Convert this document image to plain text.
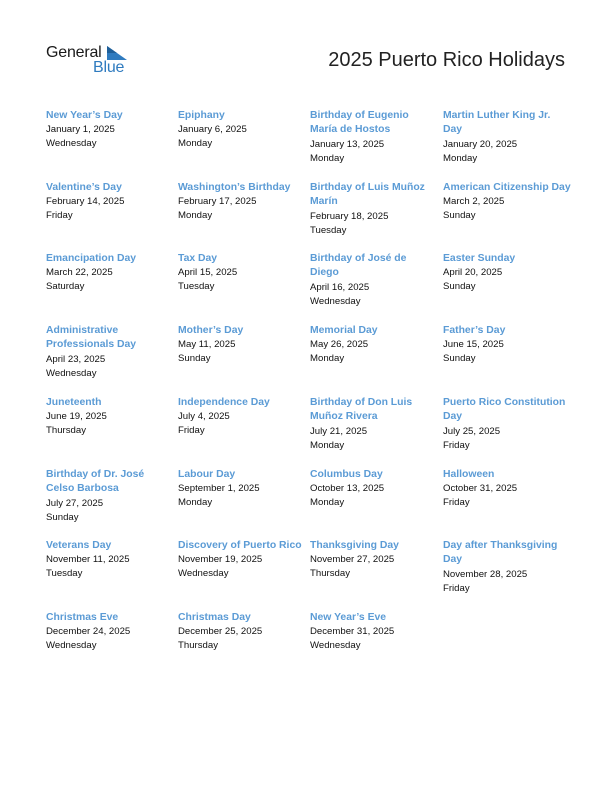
General
Blue	2025 Puerto Rico Holidays
New Year’s Day
January 1, 2025
Wednesday
Epiphany
January 6, 2025
Monday
Birthday of Eugenio María de Hostos
January 13, 2025
Monday
Martin Luther King Jr. Day
January 20, 2025
Monday
Valentine’s Day
February 14, 2025
Friday
Washington’s Birthday
February 17, 2025
Monday
Birthday of Luis Muñoz Marín
February 18, 2025
Tuesday
American Citizenship Day
March 2, 2025
Sunday
Emancipation Day
March 22, 2025
Saturday
Tax Day
April 15, 2025
Tuesday
Birthday of José de Diego
April 16, 2025
Wednesday
Easter Sunday
April 20, 2025
Sunday
Administrative Professionals Day
April 23, 2025
Wednesday
Mother’s Day
May 11, 2025
Sunday
Memorial Day
May 26, 2025
Monday
Father’s Day
June 15, 2025
Sunday
Juneteenth
June 19, 2025
Thursday
Independence Day
July 4, 2025
Friday
Birthday of Don Luis Muñoz Rivera
July 21, 2025
Monday
Puerto Rico Constitution Day
July 25, 2025
Friday
Birthday of Dr. José Celso Barbosa
July 27, 2025
Sunday
Labour Day
September 1, 2025
Monday
Columbus Day
October 13, 2025
Monday
Halloween
October 31, 2025
Friday
Veterans Day
November 11, 2025
Tuesday
Discovery of Puerto Rico
November 19, 2025
Wednesday
Thanksgiving Day
November 27, 2025
Thursday
Day after Thanksgiving Day
November 28, 2025
Friday
Christmas Eve
December 24, 2025
Wednesday
Christmas Day
December 25, 2025
Thursday
New Year’s Eve
December 31, 2025
Wednesday
